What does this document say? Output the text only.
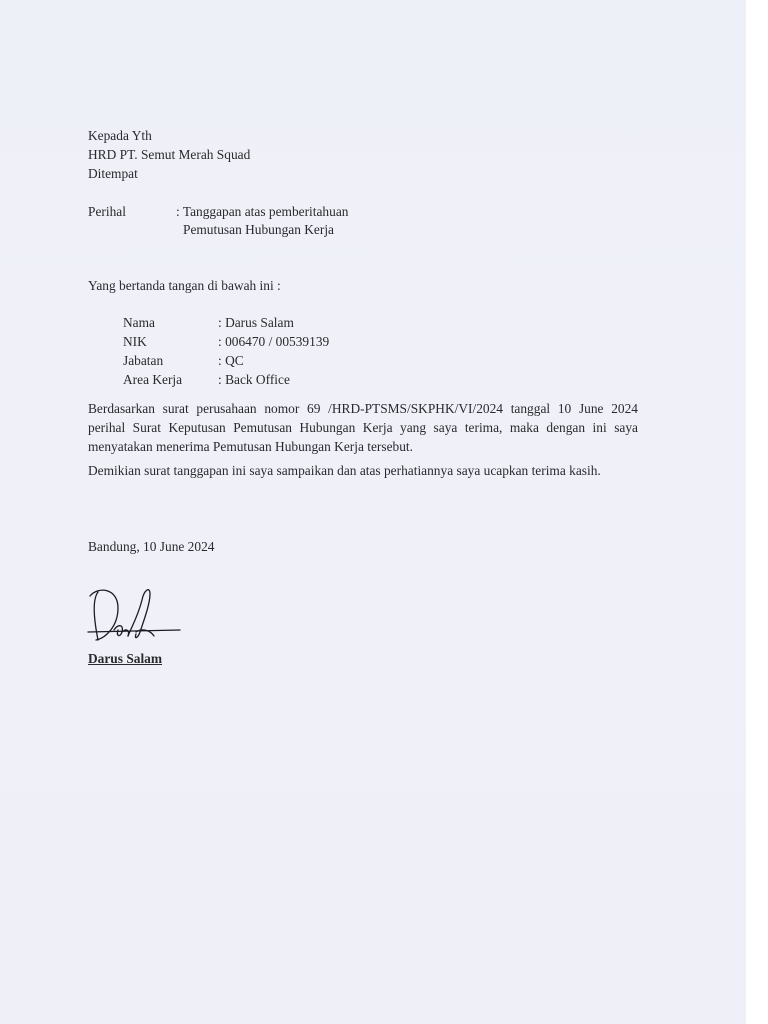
Kepada Yth
HRD PT. Semut Merah Squad
Ditempat
Perihal	: Tanggapan atas pemberitahuan
Pemutusan Hubungan Kerja
Yang bertanda tangan di bawah ini :
Nama	: Darus Salam
NIK	: 006470 / 00539139
Jabatan	: QC
Area Kerja	: Back Office
Berdasarkan surat perusahaan nomor 69 /HRD-PTSMS/SKPHK/VI/2024 tanggal 10 June 2024 perihal Surat Keputusan Pemutusan Hubungan Kerja yang saya terima, maka dengan ini saya menyatakan menerima Pemutusan Hubungan Kerja tersebut.
Demikian surat tanggapan ini saya sampaikan dan atas perhatiannya saya ucapkan terima kasih.
Bandung, 10 June 2024
Darus Salam
